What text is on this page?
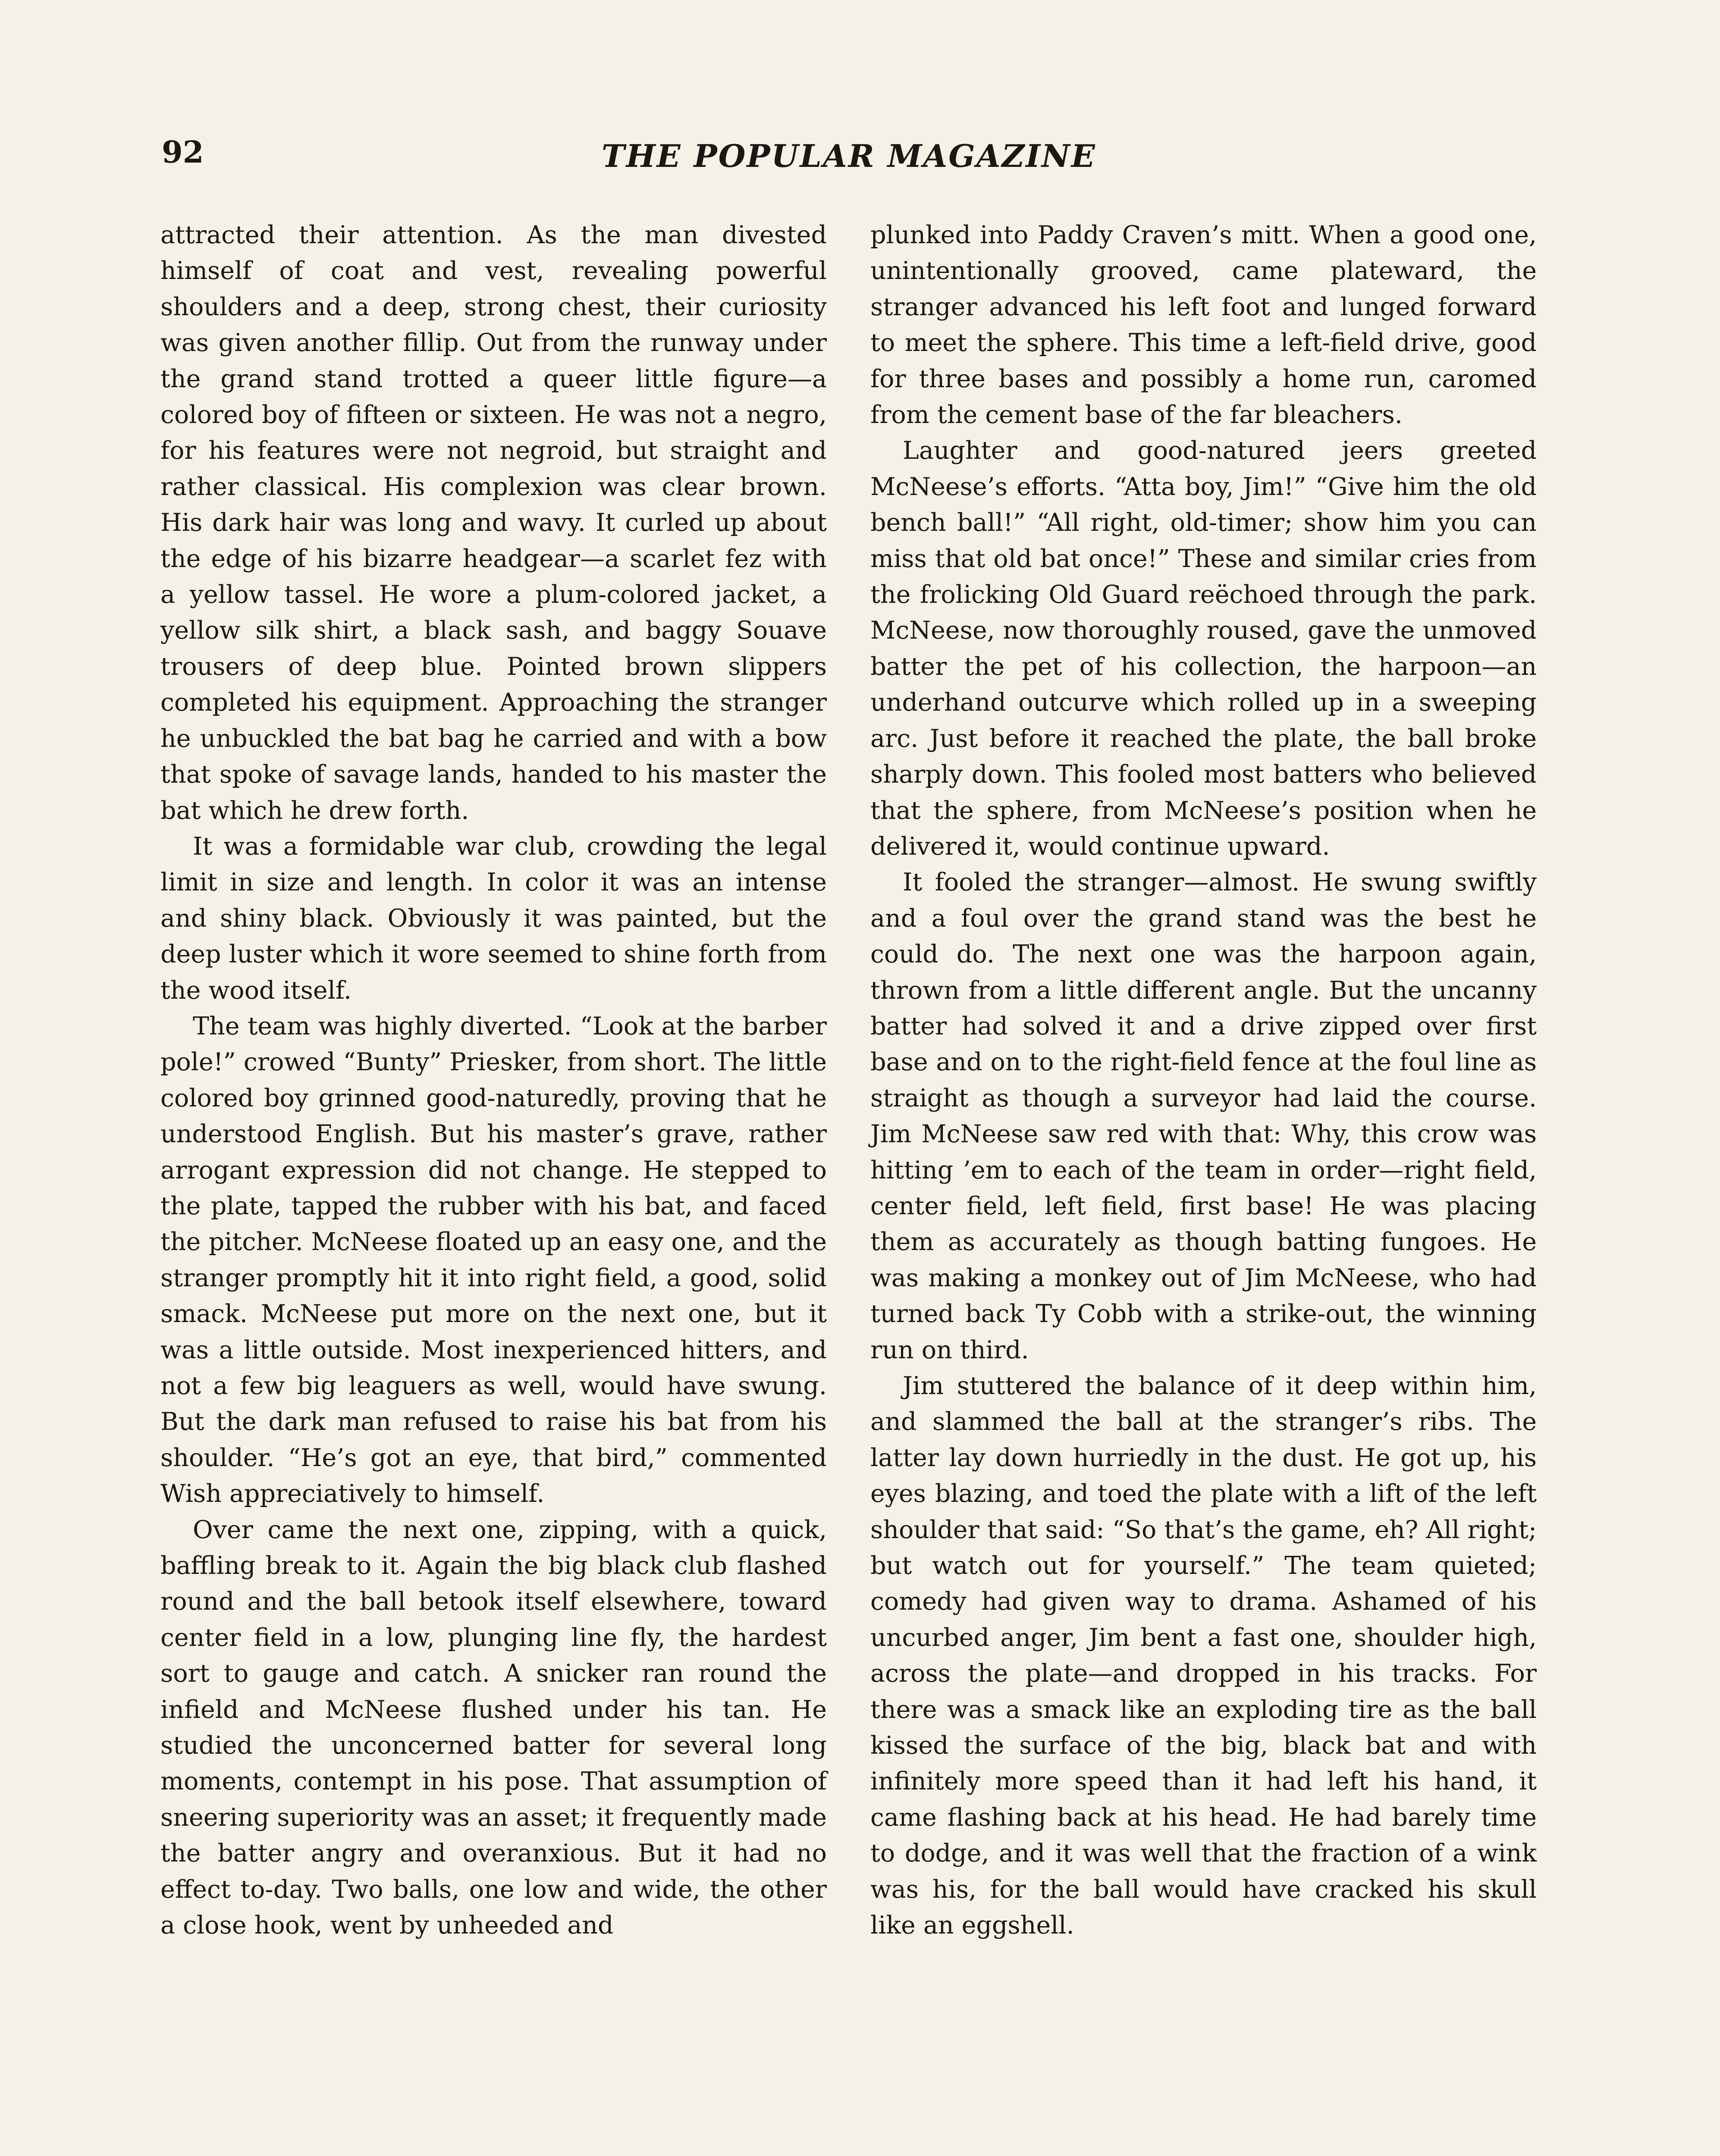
92	THE POPULAR MAGAZINE

attracted their attention. As the man divested himself of coat and vest, revealing powerful shoulders and a deep, strong chest, their curiosity was given another fillip. Out from the runway under the grand stand trotted a queer little figure—a colored boy of fifteen or sixteen. He was not a negro, for his features were not negroid, but straight and rather classical. His complexion was clear brown. His dark hair was long and wavy. It curled up about the edge of his bizarre headgear—a scarlet fez with a yellow tassel. He wore a plum-colored jacket, a yellow silk shirt, a black sash, and baggy Souave trousers of deep blue. Pointed brown slippers completed his equipment. Approaching the stranger he unbuckled the bat bag he carried and with a bow that spoke of savage lands, handed to his master the bat which he drew forth.

It was a formidable war club, crowding the legal limit in size and length. In color it was an intense and shiny black. Obviously it was painted, but the deep luster which it wore seemed to shine forth from the wood itself.

The team was highly diverted. “Look at the barber pole!” crowed “Bunty” Priesker, from short. The little colored boy grinned good-naturedly, proving that he understood English. But his master’s grave, rather arrogant expression did not change. He stepped to the plate, tapped the rubber with his bat, and faced the pitcher. McNeese floated up an easy one, and the stranger promptly hit it into right field, a good, solid smack. McNeese put more on the next one, but it was a little outside. Most inexperienced hitters, and not a few big leaguers as well, would have swung. But the dark man refused to raise his bat from his shoulder. “He’s got an eye, that bird,” commented Wish appreciatively to himself.

Over came the next one, zipping, with a quick, baffling break to it. Again the big black club flashed round and the ball betook itself elsewhere, toward center field in a low, plunging line fly, the hardest sort to gauge and catch. A snicker ran round the infield and McNeese flushed under his tan. He studied the unconcerned batter for several long moments, contempt in his pose. That assumption of sneering superiority was an asset; it frequently made the batter angry and overanxious. But it had no effect to-day. Two balls, one low and wide, the other a close hook, went by unheeded and

plunked into Paddy Craven’s mitt. When a good one, unintentionally grooved, came plateward, the stranger advanced his left foot and lunged forward to meet the sphere. This time a left-field drive, good for three bases and possibly a home run, caromed from the cement base of the far bleachers.

Laughter and good-natured jeers greeted McNeese’s efforts. “Atta boy, Jim!” “Give him the old bench ball!” “All right, old-timer; show him you can miss that old bat once!” These and similar cries from the frolicking Old Guard reëchoed through the park. McNeese, now thoroughly roused, gave the unmoved batter the pet of his collection, the harpoon—an underhand outcurve which rolled up in a sweeping arc. Just before it reached the plate, the ball broke sharply down. This fooled most batters who believed that the sphere, from McNeese’s position when he delivered it, would continue upward.

It fooled the stranger—almost. He swung swiftly and a foul over the grand stand was the best he could do. The next one was the harpoon again, thrown from a little different angle. But the uncanny batter had solved it and a drive zipped over first base and on to the right-field fence at the foul line as straight as though a surveyor had laid the course. Jim McNeese saw red with that: Why, this crow was hitting ’em to each of the team in order—right field, center field, left field, first base! He was placing them as accurately as though batting fungoes. He was making a monkey out of Jim McNeese, who had turned back Ty Cobb with a strike-out, the winning run on third.

Jim stuttered the balance of it deep within him, and slammed the ball at the stranger’s ribs. The latter lay down hurriedly in the dust. He got up, his eyes blazing, and toed the plate with a lift of the left shoulder that said: “So that’s the game, eh? All right; but watch out for yourself.” The team quieted; comedy had given way to drama. Ashamed of his uncurbed anger, Jim bent a fast one, shoulder high, across the plate—and dropped in his tracks. For there was a smack like an exploding tire as the ball kissed the surface of the big, black bat and with infinitely more speed than it had left his hand, it came flashing back at his head. He had barely time to dodge, and it was well that the fraction of a wink was his, for the ball would have cracked his skull like an eggshell.
